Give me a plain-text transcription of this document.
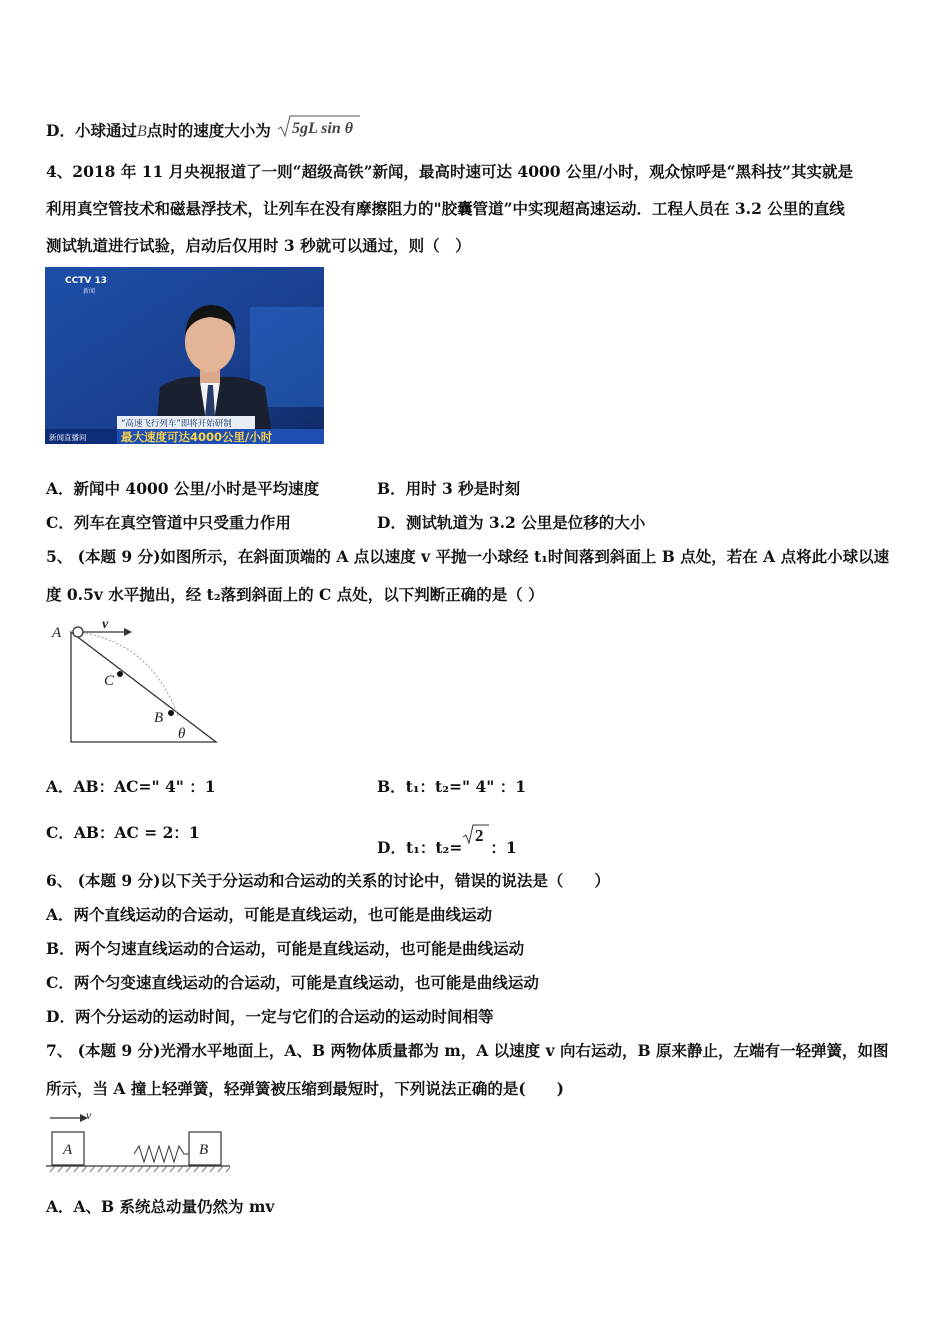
D．小球通过B点时的速度大小为 5gL sin θ
4、2018 年 11 月央视报道了一则“超级高铁”新闻，最高时速可达 4000 公里/小时，观众惊呼是“黑科技”其实就是
利用真空管技术和磁悬浮技术，让列车在没有摩擦阻力的"胶囊管道”中实现超高速运动．工程人员在 3.2 公里的直线
测试轨道进行试验，启动后仅用时 3 秒就可以通过，则（　）
CCTV 13
新闻
“高速飞行列车”即将开始研制
新闻直播间	最大速度可达4000公里/小时
A．新闻中 4000 公里/小时是平均速度	B．用时 3 秒是时刻
C．列车在真空管道中只受重力作用	D．测试轨道为 3.2 公里是位移的大小
5、 (本题 9 分)如图所示，在斜面顶端的 A 点以速度 v 平抛一小球经 t₁时间落到斜面上 B 点处，若在 A 点将此小球以速
度 0.5v 水平抛出，经 t₂落到斜面上的 C 点处，以下判断正确的是（ ）
A
v
C
B
θ
A．AB：AC=" 4" ：1	B．t₁：t₂=" 4" ：1
C．AB：AC = 2：1
D．t₁：t₂=
2
：1
6、 (本题 9 分)以下关于分运动和合运动的关系的讨论中，错误的说法是（　　）
A．两个直线运动的合运动，可能是直线运动，也可能是曲线运动
B．两个匀速直线运动的合运动，可能是直线运动，也可能是曲线运动
C．两个匀变速直线运动的合运动，可能是直线运动，也可能是曲线运动
D．两个分运动的运动时间，一定与它们的合运动的运动时间相等
7、 (本题 9 分)光滑水平地面上，A、B 两物体质量都为 m，A 以速度 v 向右运动，B 原来静止，左端有一轻弹簧，如图
所示，当 A 撞上轻弹簧，轻弹簧被压缩到最短时，下列说法正确的是(　　)
A	B
v
A．A、B 系统总动量仍然为 mv
